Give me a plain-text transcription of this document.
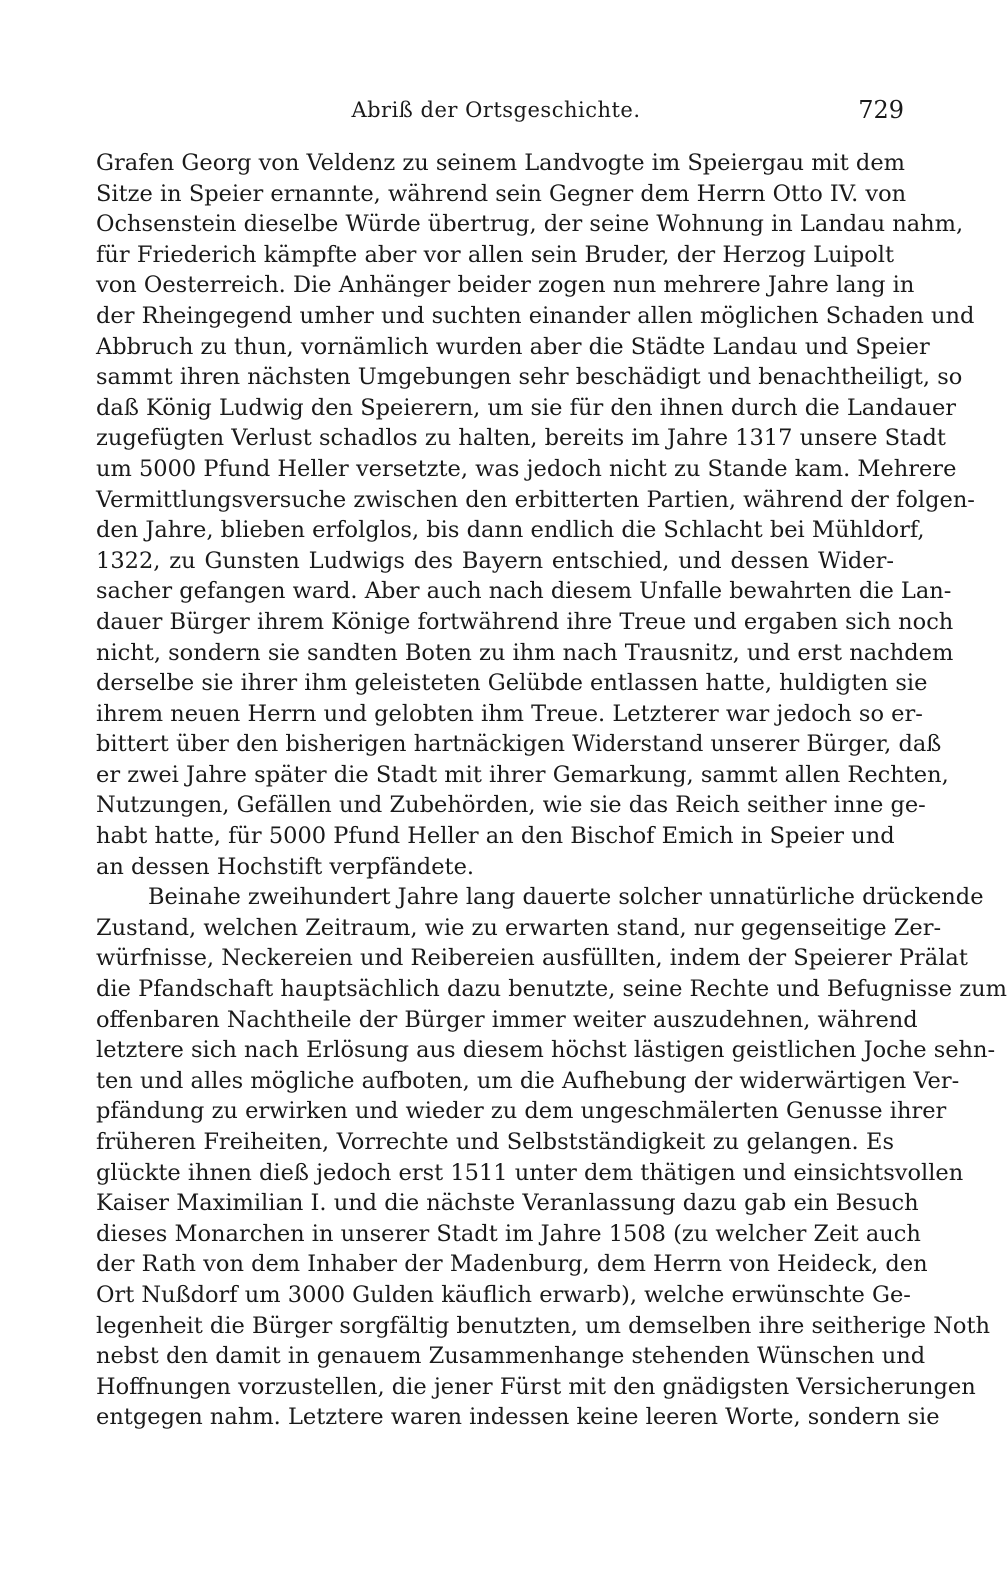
Abriß der Ortsgeschichte.	729
Grafen Georg von Veldenz zu seinem Landvogte im Speiergau mit dem
Sitze in Speier ernannte, während sein Gegner dem Herrn Otto IV. von
Ochsenstein dieselbe Würde übertrug, der seine Wohnung in Landau nahm,
für Friederich kämpfte aber vor allen sein Bruder, der Herzog Luipolt
von Oesterreich. Die Anhänger beider zogen nun mehrere Jahre lang in
der Rheingegend umher und suchten einander allen möglichen Schaden und
Abbruch zu thun, vornämlich wurden aber die Städte Landau und Speier
sammt ihren nächsten Umgebungen sehr beschädigt und benachtheiligt, so
daß König Ludwig den Speierern, um sie für den ihnen durch die Landauer
zugefügten Verlust schadlos zu halten, bereits im Jahre 1317 unsere Stadt
um 5000 Pfund Heller versetzte, was jedoch nicht zu Stande kam. Mehrere
Vermittlungsversuche zwischen den erbitterten Partien, während der folgen-
den Jahre, blieben erfolglos, bis dann endlich die Schlacht bei Mühldorf,
1322, zu Gunsten Ludwigs des Bayern entschied, und dessen Wider-
sacher gefangen ward. Aber auch nach diesem Unfalle bewahrten die Lan-
dauer Bürger ihrem Könige fortwährend ihre Treue und ergaben sich noch
nicht, sondern sie sandten Boten zu ihm nach Trausnitz, und erst nachdem
derselbe sie ihrer ihm geleisteten Gelübde entlassen hatte, huldigten sie
ihrem neuen Herrn und gelobten ihm Treue. Letzterer war jedoch so er-
bittert über den bisherigen hartnäckigen Widerstand unserer Bürger, daß
er zwei Jahre später die Stadt mit ihrer Gemarkung, sammt allen Rechten,
Nutzungen, Gefällen und Zubehörden, wie sie das Reich seither inne ge-
habt hatte, für 5000 Pfund Heller an den Bischof Emich in Speier und
an dessen Hochstift verpfändete.
Beinahe zweihundert Jahre lang dauerte solcher unnatürliche drückende
Zustand, welchen Zeitraum, wie zu erwarten stand, nur gegenseitige Zer-
würfnisse, Neckereien und Reibereien ausfüllten, indem der Speierer Prälat
die Pfandschaft hauptsächlich dazu benutzte, seine Rechte und Befugnisse zum
offenbaren Nachtheile der Bürger immer weiter auszudehnen, während
letztere sich nach Erlösung aus diesem höchst lästigen geistlichen Joche sehn-
ten und alles mögliche aufboten, um die Aufhebung der widerwärtigen Ver-
pfändung zu erwirken und wieder zu dem ungeschmälerten Genusse ihrer
früheren Freiheiten, Vorrechte und Selbstständigkeit zu gelangen. Es
glückte ihnen dieß jedoch erst 1511 unter dem thätigen und einsichtsvollen
Kaiser Maximilian I. und die nächste Veranlassung dazu gab ein Besuch
dieses Monarchen in unserer Stadt im Jahre 1508 (zu welcher Zeit auch
der Rath von dem Inhaber der Madenburg, dem Herrn von Heideck, den
Ort Nußdorf um 3000 Gulden käuflich erwarb), welche erwünschte Ge-
legenheit die Bürger sorgfältig benutzten, um demselben ihre seitherige Noth
nebst den damit in genauem Zusammenhange stehenden Wünschen und
Hoffnungen vorzustellen, die jener Fürst mit den gnädigsten Versicherungen
entgegen nahm. Letztere waren indessen keine leeren Worte, sondern sie
